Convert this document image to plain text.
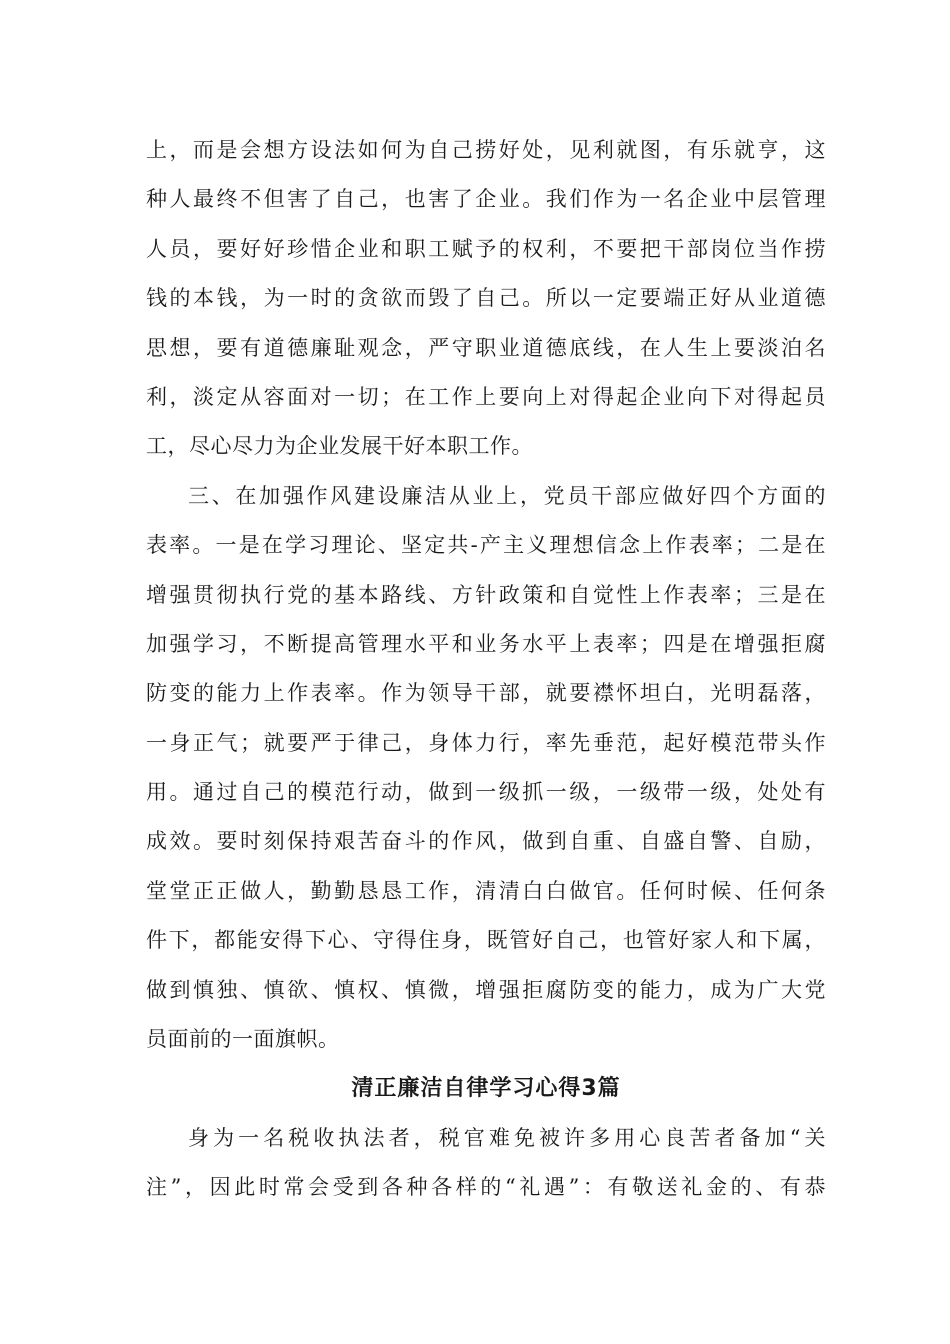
上，而是会想方设法如何为自己捞好处，见利就图，有乐就亨，这
种人最终不但害了自己，也害了企业。我们作为一名企业中层管理
人员，要好好珍惜企业和职工赋予的权利，不要把干部岗位当作捞
钱的本钱，为一时的贪欲而毁了自己。所以一定要端正好从业道德
思想，要有道德廉耻观念，严守职业道德底线，在人生上要淡泊名
利，淡定从容面对一切；在工作上要向上对得起企业向下对得起员
工，尽心尽力为企业发展干好本职工作。
三、在加强作风建设廉洁从业上，党员干部应做好四个方面的
表率。一是在学习理论、坚定共-产主义理想信念上作表率；二是在
增强贯彻执行党的基本路线、方针政策和自觉性上作表率；三是在
加强学习，不断提高管理水平和业务水平上表率；四是在增强拒腐
防变的能力上作表率。作为领导干部，就要襟怀坦白，光明磊落，
一身正气；就要严于律己，身体力行，率先垂范，起好模范带头作
用。通过自己的模范行动，做到一级抓一级，一级带一级，处处有
成效。要时刻保持艰苦奋斗的作风，做到自重、自盛自警、自励，
堂堂正正做人，勤勤恳恳工作，清清白白做官。任何时候、任何条
件下，都能安得下心、守得住身，既管好自己，也管好家人和下属，
做到慎独、慎欲、慎权、慎微，增强拒腐防变的能力，成为广大党
员面前的一面旗帜。
清正廉洁自律学习心得3篇
身为一名税收执法者，税官难免被许多用心良苦者备加“关
注”，因此时常会受到各种各样的“礼遇”：有敬送礼金的、有恭
